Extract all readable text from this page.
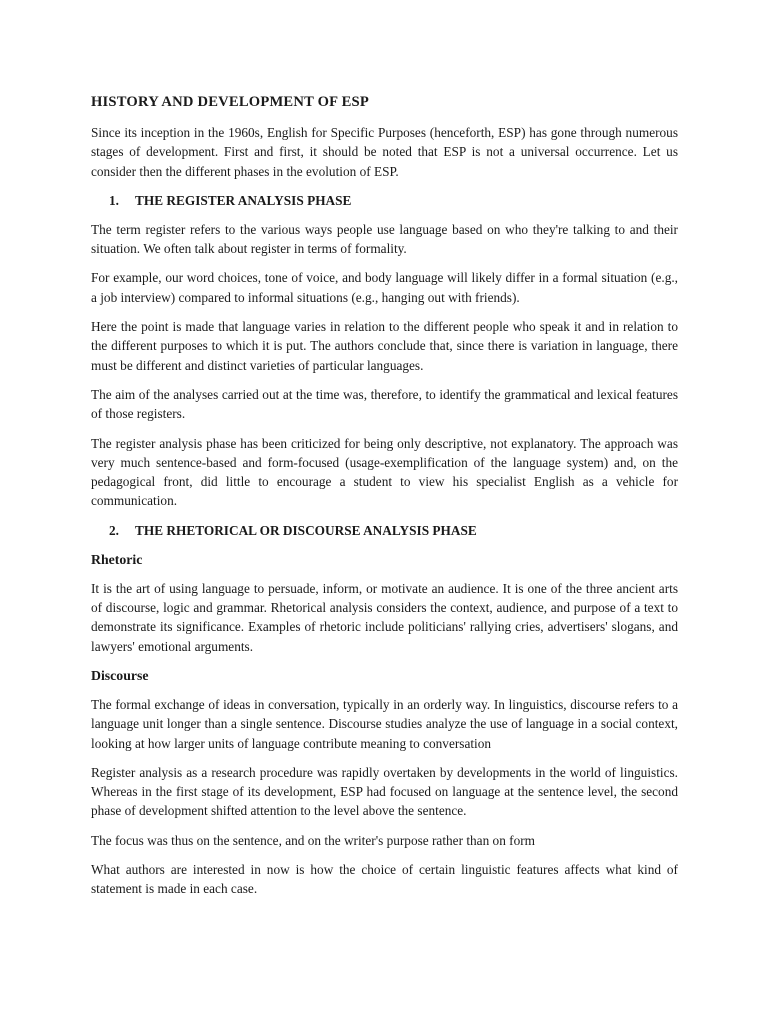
HISTORY AND DEVELOPMENT OF ESP

Since its inception in the 1960s, English for Specific Purposes (henceforth, ESP) has gone through numerous stages of development. First and first, it should be noted that ESP is not a universal occurrence. Let us consider then the different phases in the evolution of ESP.

1.	THE REGISTER ANALYSIS PHASE

The term register refers to the various ways people use language based on who they're talking to and their situation. We often talk about register in terms of formality.

For example, our word choices, tone of voice, and body language will likely differ in a formal situation (e.g., a job interview) compared to informal situations (e.g., hanging out with friends).

Here the point is made that language varies in relation to the different people who speak it and in relation to the different purposes to which it is put. The authors conclude that, since there is variation in language, there must be different and distinct varieties of particular languages.

The aim of the analyses carried out at the time was, therefore, to identify the grammatical and lexical features of those registers.

The register analysis phase has been criticized for being only descriptive, not explanatory. The approach was very much sentence-based and form-focused (usage-exemplification of the language system) and, on the pedagogical front, did little to encourage a student to view his specialist English as a vehicle for communication.

2.	THE RHETORICAL OR DISCOURSE ANALYSIS PHASE
Rhetoric

It is the art of using language to persuade, inform, or motivate an audience. It is one of the three ancient arts of discourse, logic and grammar. Rhetorical analysis considers the context, audience, and purpose of a text to demonstrate its significance. Examples of rhetoric include politicians' rallying cries, advertisers' slogans, and lawyers' emotional arguments.

Discourse

The formal exchange of ideas in conversation, typically in an orderly way. In linguistics, discourse refers to a language unit longer than a single sentence. Discourse studies analyze the use of language in a social context, looking at how larger units of language contribute meaning to conversation

Register analysis as a research procedure was rapidly overtaken by developments in the world of linguistics. Whereas in the first stage of its development, ESP had focused on language at the sentence level, the second phase of development shifted attention to the level above the sentence.

The focus was thus on the sentence, and on the writer's purpose rather than on form

What authors are interested in now is how the choice of certain linguistic features affects what kind of statement is made in each case.
